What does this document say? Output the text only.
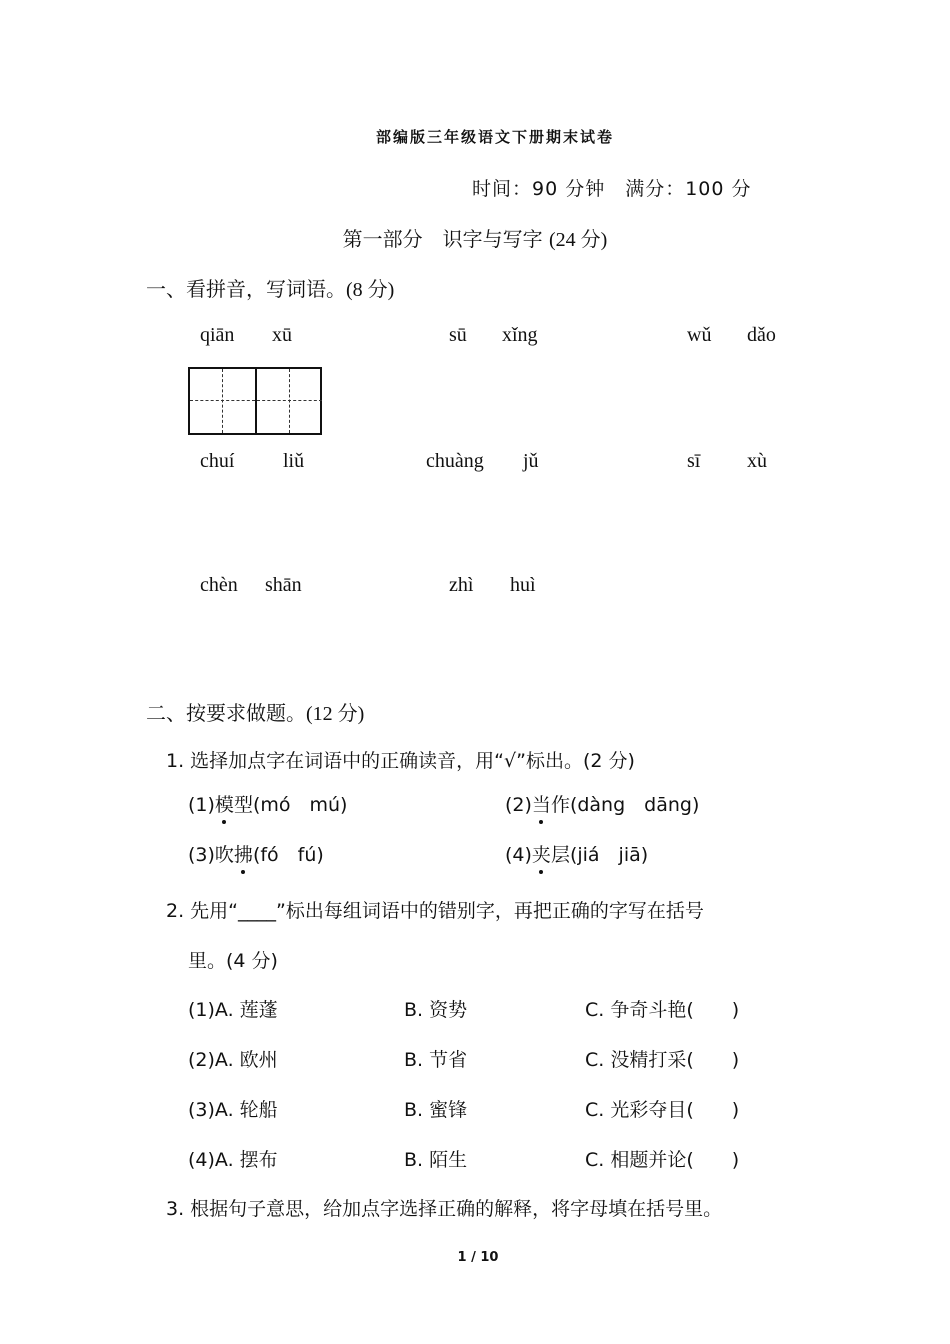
部编版三年级语文下册期末试卷
时间：90 分钟　满分：100 分
第一部分　识字与写字 (24 分)
一、看拼音，写词语。(8 分)
qiān xū	sū xǐng	wǔ dǎo
chuí liǔ	chuàng jǔ	sī xù
chèn shān	zhì huì
二、按要求做题。(12 分)
1. 选择加点字在词语中的正确读音，用“√”标出。(2 分)
(1)模型(mó　mú)	(2)当作(dàng　dāng)
(3)吹拂(fó　fú)	(4)夹层(jiá　jiā)
2. 先用“____”标出每组词语中的错别字，再把正确的字写在括号
里。(4 分)
(1)A. 莲蓬	B. 资势	C. 争奇斗艳(　　)
(2)A. 欧州	B. 节省	C. 没精打采(　　)
(3)A. 轮船	B. 蜜锋	C. 光彩夺目(　　)
(4)A. 摆布	B. 陌生	C. 相题并论(　　)
3. 根据句子意思，给加点字选择正确的解释，将字母填在括号里。
1 / 10
